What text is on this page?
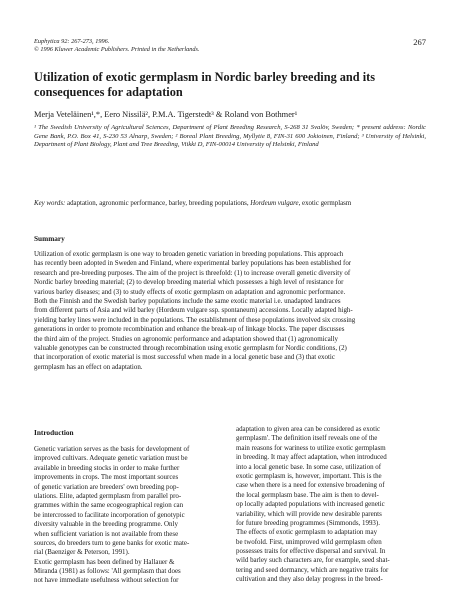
Euphytica 92: 267-273, 1996.
© 1996 Kluwer Academic Publishers. Printed in the Netherlands.
267
Utilization of exotic germplasm in Nordic barley breeding and its
consequences for adaptation
Merja Veteläinen¹,*, Eero Nissilä², P.M.A. Tigerstedt³ & Roland von Bothmer¹
¹ The Swedish University of Agricultural Sciences, Department of Plant Breeding Research, S-268 31 Svalöv, Sweden; * present address: Nordic Gene Bank, P.O. Box 41, S-230 53 Alnarp, Sweden; ² Boreal Plant Breeding, Myllytie 8, FIN-31 600 Jokioinen, Finland; ³ University of Helsinki, Department of Plant Biology, Plant and Tree Breeding, Viikki D, FIN-00014 University of Helsinki, Finland
Key words: adaptation, agronomic performance, barley, breeding populations, Hordeum vulgare, exotic germplasm
Summary
Utilization of exotic germplasm is one way to broaden genetic variation in breeding populations. This approach
has recently been adopted in Sweden and Finland, where experimental barley populations has been established for
research and pre-breeding purposes. The aim of the project is threefold: (1) to increase overall genetic diversity of
Nordic barley breeding material; (2) to develop breeding material which possesses a high level of resistance for
various barley diseases; and (3) to study effects of exotic germplasm on adaptation and agronomic performance.
Both the Finnish and the Swedish barley populations include the same exotic material i.e. unadapted landraces
from different parts of Asia and wild barley (Hordeum vulgare ssp. spontaneum) accessions. Locally adapted high-
yielding barley lines were included in the populations. The establishment of these populations involved six crossing
generations in order to promote recombination and enhance the break-up of linkage blocks. The paper discusses
the third aim of the project. Studies on agronomic performance and adaptation showed that (1) agronomically
valuable genotypes can be constructed through recombination using exotic germplasm for Nordic conditions, (2)
that incorporation of exotic material is most successful when made in a local genetic base and (3) that exotic
germplasm has an effect on adaptation.
Introduction
Genetic variation serves as the basis for development of
improved cultivars. Adequate genetic variation must be
available in breeding stocks in order to make further
improvements in crops. The most important sources
of genetic variation are breeders' own breeding pop-
ulations. Elite, adapted germplasm from parallel pro-
grammes within the same ecogeographical region can
be intercrossed to facilitate incorporation of genotypic
diversity valuable in the breeding programme. Only
when sufficient variation is not available from these
sources, do breeders turn to gene banks for exotic mate-
rial (Baenziger & Peterson, 1991).
Exotic germplasm has been defined by Hallauer &
Miranda (1981) as follows: 'All germplasm that does
not have immediate usefulness without selection for
adaptation to given area can be considered as exotic
germplasm'. The definition itself reveals one of the
main reasons for wariness to utilize exotic germplasm
in breeding. It may affect adaptation, when introduced
into a local genetic base. In some case, utilization of
exotic germplasm is, however, important. This is the
case when there is a need for extensive broadening of
the local germplasm base. The aim is then to devel-
op locally adapted populations with increased genetic
variability, which will provide new desirable parents
for future breeding programmes (Simmonds, 1993).
The effects of exotic germplasm to adaptation may
be twofold. First, unimproved wild germplasm often
possesses traits for effective dispersal and survival. In
wild barley such characters are, for example, seed shat-
tering and seed dormancy, which are negative traits for
cultivation and they also delay progress in the breed-
